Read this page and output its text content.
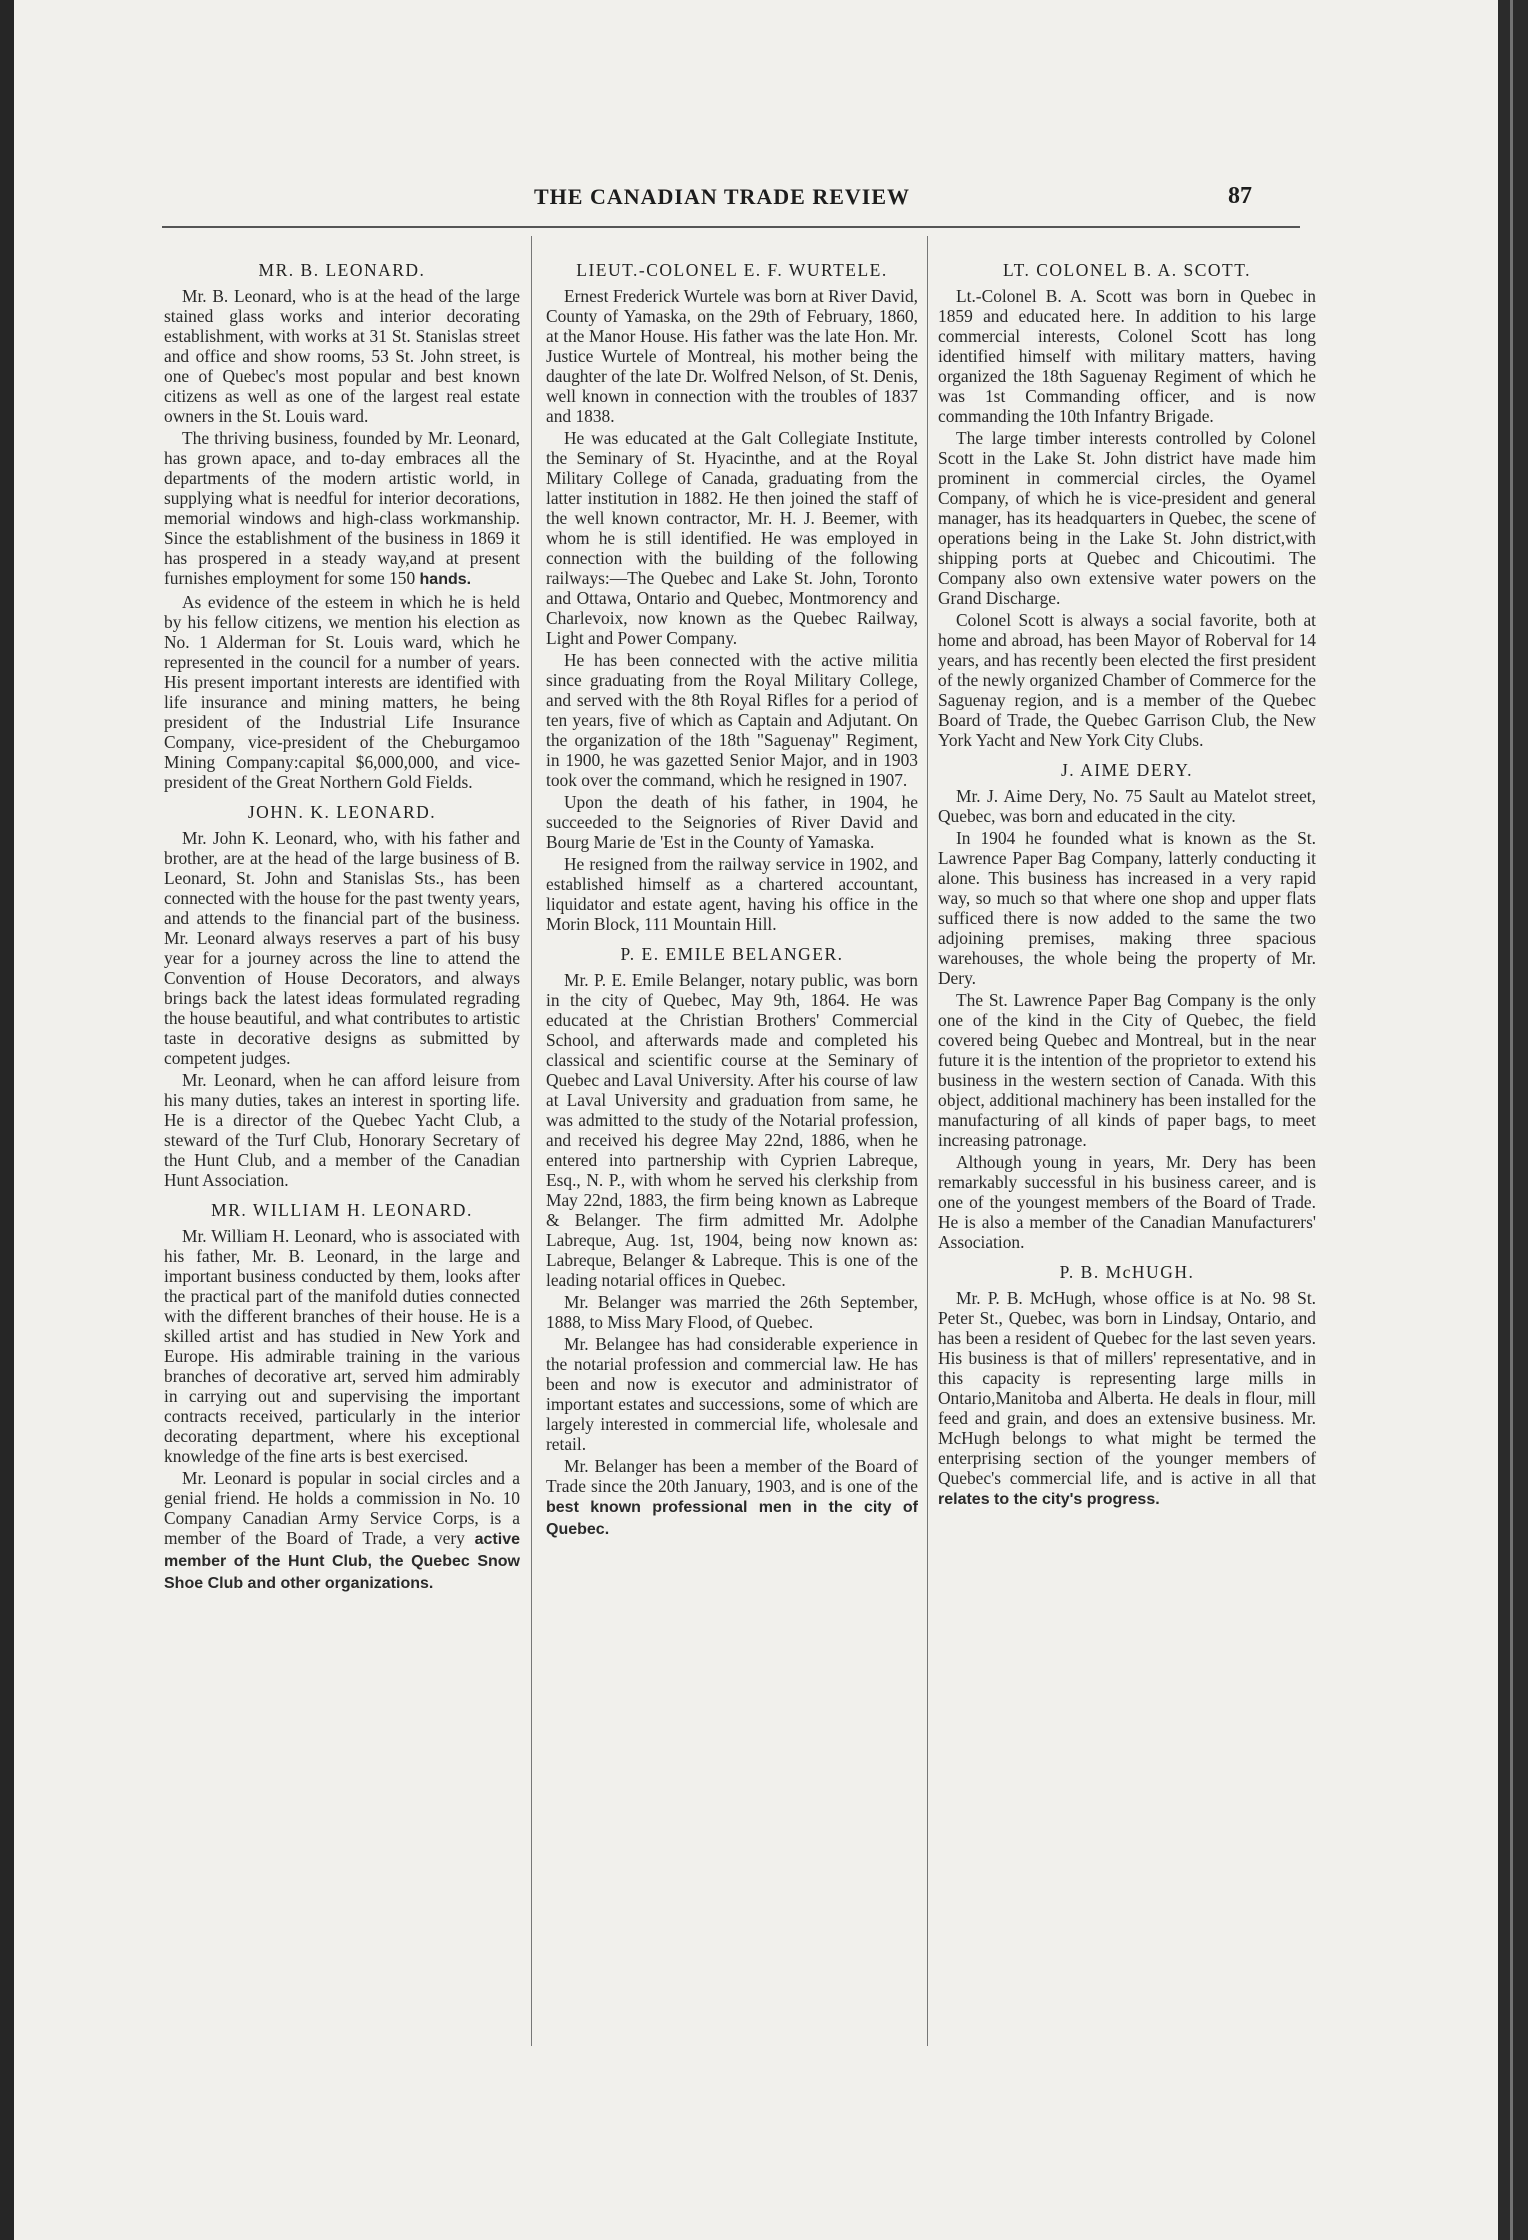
THE CANADIAN TRADE REVIEW	87
MR. B. LEONARD.

Mr. B. Leonard, who is at the head of the large stained glass works and interior decorating establishment, with works at 31 St. Stanislas street and office and show rooms, 53 St. John street, is one of Quebec's most popular and best known citizens as well as one of the largest real estate owners in the St. Louis ward.

The thriving business, founded by Mr. Leonard, has grown apace, and to-day embraces all the departments of the modern artistic world, in supplying what is needful for interior decorations, memorial windows and high-class workmanship. Since the establishment of the business in 1869 it has prospered in a steady way,and at present furnishes employment for some 150 hands.

As evidence of the esteem in which he is held by his fellow citizens, we mention his election as No. 1 Alderman for St. Louis ward, which he represented in the council for a number of years. His present important interests are identified with life insurance and mining matters, he being president of the Industrial Life Insurance Company, vice-president of the Cheburgamoo Mining Company:capital $6,000,000, and vice-president of the Great Northern Gold Fields.

JOHN. K. LEONARD.

Mr. John K. Leonard, who, with his father and brother, are at the head of the large business of B. Leonard, St. John and Stanislas Sts., has been connected with the house for the past twenty years, and attends to the financial part of the business. Mr. Leonard always reserves a part of his busy year for a journey across the line to attend the Convention of House Decorators, and always brings back the latest ideas formulated regrading the house beautiful, and what contributes to artistic taste in decorative designs as submitted by competent judges.

Mr. Leonard, when he can afford leisure from his many duties, takes an interest in sporting life. He is a director of the Quebec Yacht Club, a steward of the Turf Club, Honorary Secretary of the Hunt Club, and a member of the Canadian Hunt Association.

MR. WILLIAM H. LEONARD.

Mr. William H. Leonard, who is associated with his father, Mr. B. Leonard, in the large and important business conducted by them, looks after the practical part of the manifold duties connected with the different branches of their house. He is a skilled artist and has studied in New York and Europe. His admirable training in the various branches of decorative art, served him admirably in carrying out and supervising the important contracts received, particularly in the interior decorating department, where his exceptional knowledge of the fine arts is best exercised.

Mr. Leonard is popular in social circles and a genial friend. He holds a commission in No. 10 Company Canadian Army Service Corps, is a member of the Board of Trade, a very active member of the Hunt Club, the Quebec Snow Shoe Club and other organizations.

LIEUT.-COLONEL E. F. WURTELE.

Ernest Frederick Wurtele was born at River David, County of Yamaska, on the 29th of February, 1860, at the Manor House. His father was the late Hon. Mr. Justice Wurtele of Montreal, his mother being the daughter of the late Dr. Wolfred Nelson, of St. Denis, well known in connection with the troubles of 1837 and 1838.

He was educated at the Galt Collegiate Institute, the Seminary of St. Hyacinthe, and at the Royal Military College of Canada, graduating from the latter institution in 1882. He then joined the staff of the well known contractor, Mr. H. J. Beemer, with whom he is still identified. He was employed in connection with the building of the following railways:—The Quebec and Lake St. John, Toronto and Ottawa, Ontario and Quebec, Montmorency and Charlevoix, now known as the Quebec Railway, Light and Power Company.

He has been connected with the active militia since graduating from the Royal Military College, and served with the 8th Royal Rifles for a period of ten years, five of which as Captain and Adjutant. On the organization of the 18th "Saguenay" Regiment, in 1900, he was gazetted Senior Major, and in 1903 took over the command, which he resigned in 1907.

Upon the death of his father, in 1904, he succeeded to the Seignories of River David and Bourg Marie de 'Est in the County of Yamaska.

He resigned from the railway service in 1902, and established himself as a chartered accountant, liquidator and estate agent, having his office in the Morin Block, 111 Mountain Hill.

P. E. EMILE BELANGER.

Mr. P. E. Emile Belanger, notary public, was born in the city of Quebec, May 9th, 1864. He was educated at the Christian Brothers' Commercial School, and afterwards made and completed his classical and scientific course at the Seminary of Quebec and Laval University. After his course of law at Laval University and graduation from same, he was admitted to the study of the Notarial profession, and received his degree May 22nd, 1886, when he entered into partnership with Cyprien Labreque, Esq., N. P., with whom he served his clerkship from May 22nd, 1883, the firm being known as Labreque & Belanger. The firm admitted Mr. Adolphe Labreque, Aug. 1st, 1904, being now known as: Labreque, Belanger & Labreque. This is one of the leading notarial offices in Quebec.

Mr. Belanger was married the 26th September, 1888, to Miss Mary Flood, of Quebec.

Mr. Belangee has had considerable experience in the notarial profession and commercial law. He has been and now is executor and administrator of important estates and successions, some of which are largely interested in commercial life, wholesale and retail.

Mr. Belanger has been a member of the Board of Trade since the 20th January, 1903, and is one of the best known professional men in the city of Quebec.

LT. COLONEL B. A. SCOTT.

Lt.-Colonel B. A. Scott was born in Quebec in 1859 and educated here. In addition to his large commercial interests, Colonel Scott has long identified himself with military matters, having organized the 18th Saguenay Regiment of which he was 1st Commanding officer, and is now commanding the 10th Infantry Brigade.

The large timber interests controlled by Colonel Scott in the Lake St. John district have made him prominent in commercial circles, the Oyamel Company, of which he is vice-president and general manager, has its headquarters in Quebec, the scene of operations being in the Lake St. John district,with shipping ports at Quebec and Chicoutimi. The Company also own extensive water powers on the Grand Discharge.

Colonel Scott is always a social favorite, both at home and abroad, has been Mayor of Roberval for 14 years, and has recently been elected the first president of the newly organized Chamber of Commerce for the Saguenay region, and is a member of the Quebec Board of Trade, the Quebec Garrison Club, the New York Yacht and New York City Clubs.

J. AIME DERY.

Mr. J. Aime Dery, No. 75 Sault au Matelot street, Quebec, was born and educated in the city.

In 1904 he founded what is known as the St. Lawrence Paper Bag Company, latterly conducting it alone. This business has increased in a very rapid way, so much so that where one shop and upper flats sufficed there is now added to the same the two adjoining premises, making three spacious warehouses, the whole being the property of Mr. Dery.

The St. Lawrence Paper Bag Company is the only one of the kind in the City of Quebec, the field covered being Quebec and Montreal, but in the near future it is the intention of the proprietor to extend his business in the western section of Canada. With this object, additional machinery has been installed for the manufacturing of all kinds of paper bags, to meet increasing patronage.

Although young in years, Mr. Dery has been remarkably successful in his business career, and is one of the youngest members of the Board of Trade. He is also a member of the Canadian Manufacturers' Association.

P. B. McHUGH.

Mr. P. B. McHugh, whose office is at No. 98 St. Peter St., Quebec, was born in Lindsay, Ontario, and has been a resident of Quebec for the last seven years. His business is that of millers' representative, and in this capacity is representing large mills in Ontario,Manitoba and Alberta. He deals in flour, mill feed and grain, and does an extensive business. Mr. McHugh belongs to what might be termed the enterprising section of the younger members of Quebec's commercial life, and is active in all that relates to the city's progress.
